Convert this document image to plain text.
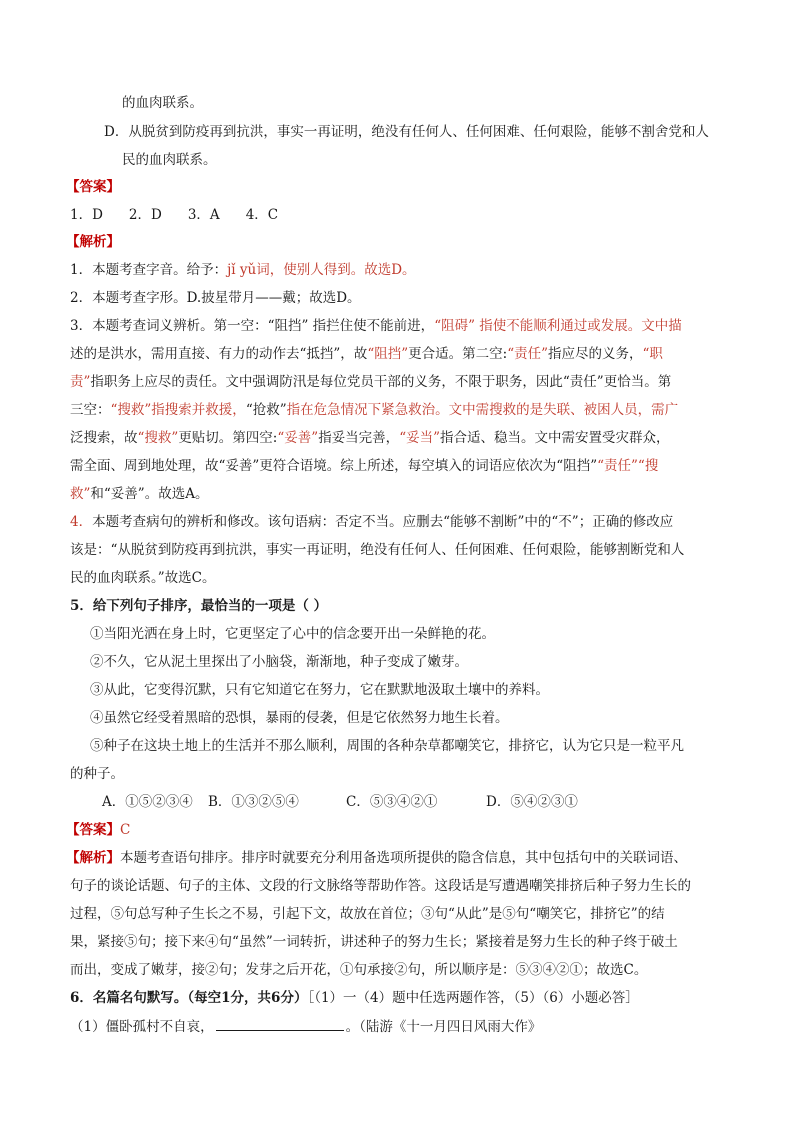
的血肉联系。
D．从脱贫到防疫再到抗洪，事实一再证明，绝没有任何人、任何困难、任何艰险，能够不割舍党和人
民的血肉联系。
【答案】
1．D 2．D 3．A 4．C
【解析】
1．本题考查字音。给予：jǐ yǔ词，使别人得到。故选D。
2．本题考查字形。D.披星带月——戴；故选D。
3．本题考查词义辨析。第一空：“阻挡” 指拦住使不能前进，“阻碍” 指使不能顺利通过或发展。文中描
述的是洪水，需用直接、有力的动作去“抵挡”，故“阻挡”更合适。第二空:“责任”指应尽的义务，“职
责”指职务上应尽的责任。文中强调防汛是每位党员干部的义务，不限于职务，因此“责任”更恰当。第
三空：“搜救”指搜索并救援，“抢救”指在危急情况下紧急救治。文中需搜救的是失联、被困人员，需广
泛搜索，故“搜救”更贴切。第四空:“妥善”指妥当完善，“妥当”指合适、稳当。文中需安置受灾群众，
需全面、周到地处理，故“妥善”更符合语境。综上所述，每空填入的词语应依次为“阻挡”“责任”“搜
救”和“妥善”。故选A。
4．本题考查病句的辨析和修改。该句语病：否定不当。应删去“能够不割断”中的“不”；正确的修改应
该是：“从脱贫到防疫再到抗洪，事实一再证明，绝没有任何人、任何困难、任何艰险，能够割断党和人
民的血肉联系。”故选C。
5．给下列句子排序，最恰当的一项是（ ）
①当阳光洒在身上时，它更坚定了心中的信念要开出一朵鲜艳的花。
②不久，它从泥土里探出了小脑袋，渐渐地，种子变成了嫩芽。
③从此，它变得沉默，只有它知道它在努力，它在默默地汲取土壤中的养料。
④虽然它经受着黑暗的恐惧，暴雨的侵袭，但是它依然努力地生长着。
⑤种子在这块土地上的生活并不那么顺利，周围的各种杂草都嘲笑它，排挤它，认为它只是一粒平凡
的种子。
A．①⑤②③④ B．①③②⑤④	C．⑤③④②①	D．⑤④②③①
【答案】C
【解析】本题考查语句排序。排序时就要充分利用备选项所提供的隐含信息，其中包括句中的关联词语、
句子的谈论话题、句子的主体、文段的行文脉络等帮助作答。这段话是写遭遇嘲笑排挤后种子努力生长的
过程，⑤句总写种子生长之不易，引起下文，故放在首位；③句“从此”是⑤句“嘲笑它，排挤它”的结
果，紧接⑤句；接下来④句“虽然”一词转折，讲述种子的努力生长；紧接着是努力生长的种子终于破土
而出，变成了嫩芽，接②句；发芽之后开花，①句承接②句，所以顺序是：⑤③④②①；故选C。
6．名篇名句默写。（每空1分，共6分）［（1）一（4）题中任选两题作答，（5）（6）小题必答］
（1）僵卧孤村不自哀，	。（陆游《十一月四日风雨大作》
